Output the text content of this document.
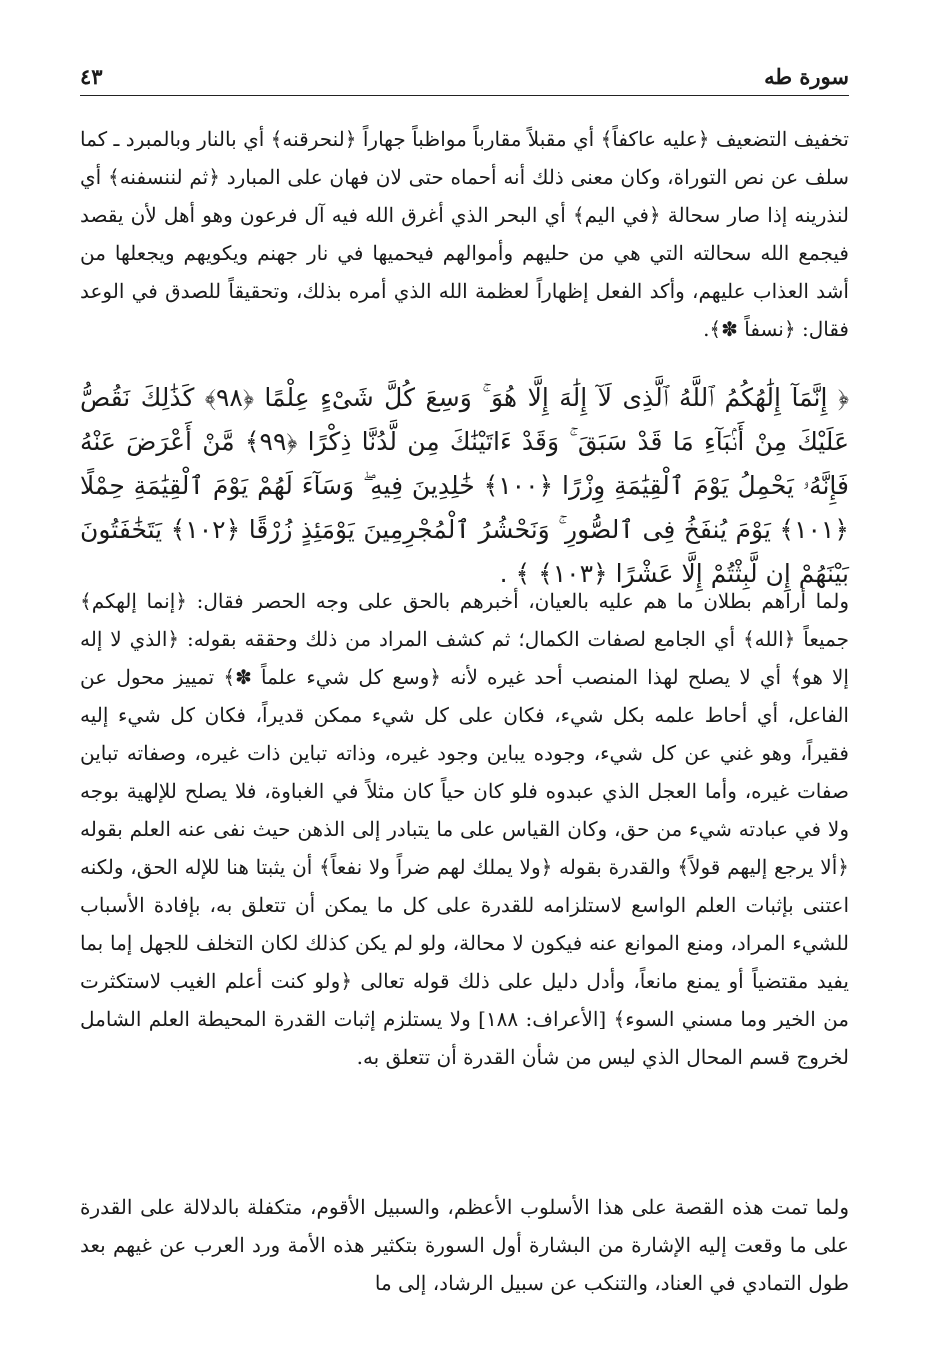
سورة طه
٤٣

تخفيف التضعيف ﴿عليه عاكفاً﴾ أي مقبلاً مقارباً مواظباً جهاراً ﴿لنحرقنه﴾ أي بالنار وبالمبرد ـ كما سلف عن نص التوراة، وكان معنى ذلك أنه أحماه حتى لان فهان على المبارد ﴿ثم لننسفنه﴾ أي لنذرينه إذا صار سحالة ﴿في اليم﴾ أي البحر الذي أغرق الله فيه آل فرعون وهو أهل لأن يقصد فيجمع الله سحالته التي هي من حليهم وأموالهم فيحميها في نار جهنم ويكويهم ويجعلها من أشد العذاب عليهم، وأكد الفعل إظهاراً لعظمة الله الذي أمره بذلك، وتحقيقاً للصدق في الوعد فقال: ﴿نسفاً ✽﴾.

﴿ إِنَّمَآ إِلَٰهُكُمُ ٱللَّهُ ٱلَّذِى لَآ إِلَٰهَ إِلَّا هُوَ ۚ وَسِعَ كُلَّ شَىْءٍ عِلْمًا ﴿٩٨﴾ كَذَٰلِكَ نَقُصُّ عَلَيْكَ مِنْ أَنۢبَآءِ مَا قَدْ سَبَقَ ۚ وَقَدْ ءَاتَيْنَٰكَ مِن لَّدُنَّا ذِكْرًا ﴿٩٩﴾ مَّنْ أَعْرَضَ عَنْهُ فَإِنَّهُۥ يَحْمِلُ يَوْمَ ٱلْقِيَٰمَةِ وِزْرًا ﴿١٠٠﴾ خَٰلِدِينَ فِيهِ ۖ وَسَآءَ لَهُمْ يَوْمَ ٱلْقِيَٰمَةِ حِمْلًا ﴿١٠١﴾ يَوْمَ يُنفَخُ فِى ٱلصُّورِ ۚ وَنَحْشُرُ ٱلْمُجْرِمِينَ يَوْمَئِذٍ زُرْقًا ﴿١٠٢﴾ يَتَخَٰفَتُونَ بَيْنَهُمْ إِن لَّبِثْتُمْ إِلَّا عَشْرًا ﴿١٠٣﴾ ﴾ .

ولما أراهم بطلان ما هم عليه بالعيان، أخبرهم بالحق على وجه الحصر فقال: ﴿إنما إلهكم﴾ جميعاً ﴿الله﴾ أي الجامع لصفات الكمال؛ ثم كشف المراد من ذلك وحققه بقوله: ﴿الذي لا إله إلا هو﴾ أي لا يصلح لهذا المنصب أحد غيره لأنه ﴿وسع كل شيء علماً ✽﴾ تمييز محول عن الفاعل، أي أحاط علمه بكل شيء، فكان على كل شيء ممكن قديراً، فكان كل شيء إليه فقيراً، وهو غني عن كل شيء، وجوده يباين وجود غيره، وذاته تباين ذات غيره، وصفاته تباين صفات غيره، وأما العجل الذي عبدوه فلو كان حياً كان مثلاً في الغباوة، فلا يصلح للإلهية بوجه ولا في عبادته شيء من حق، وكان القياس على ما يتبادر إلى الذهن حيث نفى عنه العلم بقوله ﴿ألا يرجع إليهم قولاً﴾ والقدرة بقوله ﴿ولا يملك لهم ضراً ولا نفعاً﴾ أن يثبتا هنا للإله الحق، ولكنه اعتنى بإثبات العلم الواسع لاستلزامه للقدرة على كل ما يمكن أن تتعلق به، بإفادة الأسباب للشيء المراد، ومنع الموانع عنه فيكون لا محالة، ولو لم يكن كذلك لكان التخلف للجهل إما بما يفيد مقتضياً أو يمنع مانعاً، وأدل دليل على ذلك قوله تعالى ﴿ولو كنت أعلم الغيب لاستكثرت من الخير وما مسني السوء﴾ [الأعراف: ١٨٨] ولا يستلزم إثبات القدرة المحيطة العلم الشامل لخروج قسم المحال الذي ليس من شأن القدرة أن تتعلق به.

ولما تمت هذه القصة على هذا الأسلوب الأعظم، والسبيل الأقوم، متكفلة بالدلالة على القدرة على ما وقعت إليه الإشارة من البشارة أول السورة بتكثير هذه الأمة ورد العرب عن غيهم بعد طول التمادي في العناد، والتنكب عن سبيل الرشاد، إلى ما
